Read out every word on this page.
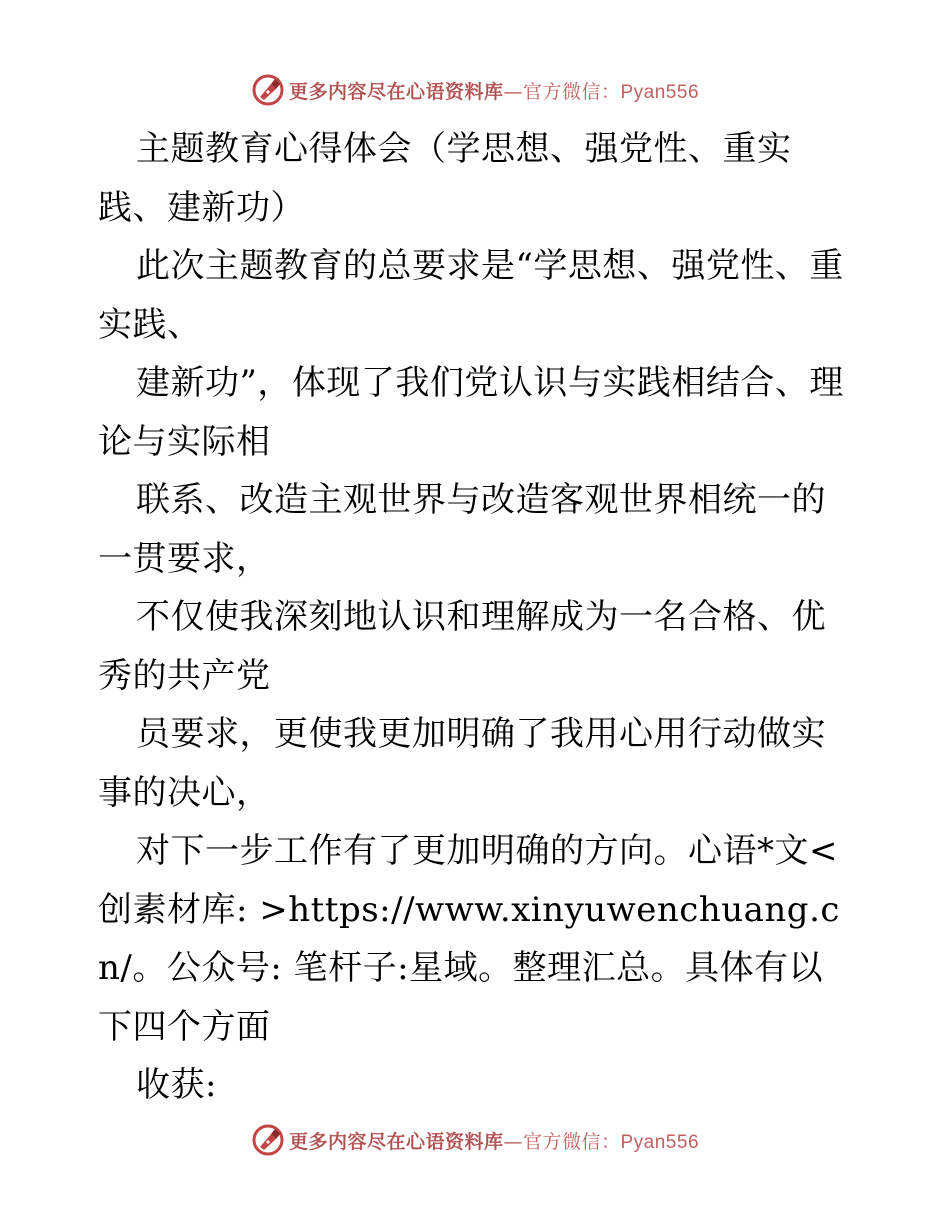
更多内容尽在心语资料库—官方微信：Pyan556

主题教育心得体会（学思想、强党性、重实践、建新功）

此次主题教育的总要求是“学思想、强党性、重实践、

建新功”，体现了我们党认识与实践相结合、理论与实际相

联系、改造主观世界与改造客观世界相统一的一贯要求，

不仅使我深刻地认识和理解成为一名合格、优秀的共产党

员要求，更使我更加明确了我用心用行动做实事的决心，

对下一步工作有了更加明确的方向。心语*文<创素材库: >https://www.xinyuwenchuang.cn/。公众号: 笔杆子:星域。整理汇总。具体有以下四个方面

收获:

更多内容尽在心语资料库—官方微信：Pyan556
